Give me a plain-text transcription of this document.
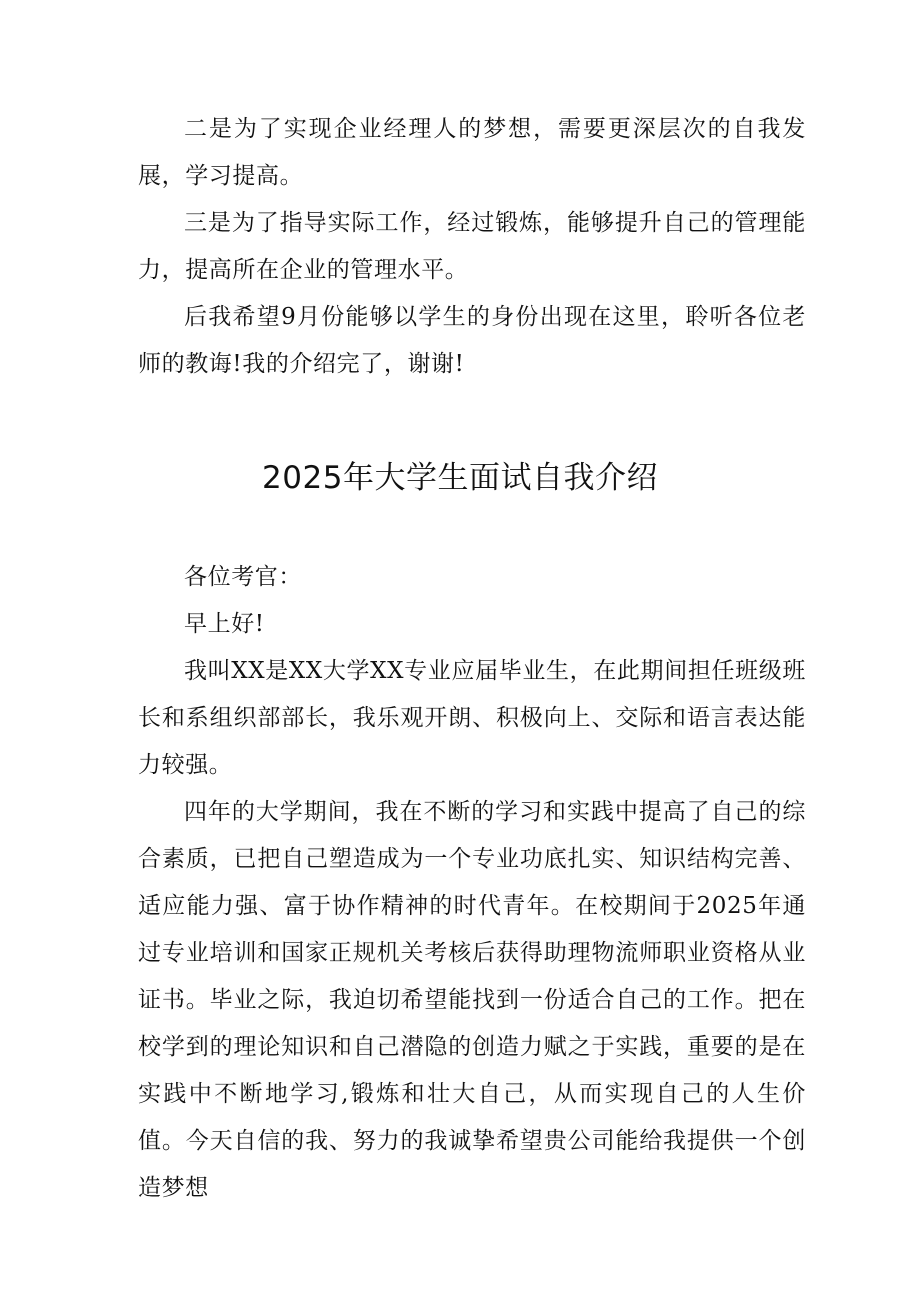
二是为了实现企业经理人的梦想，需要更深层次的自我发展，学习提高。

三是为了指导实际工作，经过锻炼，能够提升自己的管理能力，提高所在企业的管理水平。

后我希望9月份能够以学生的身份出现在这里，聆听各位老师的教诲!我的介绍完了，谢谢!

2025年大学生面试自我介绍

各位考官：

早上好!

我叫XX是XX大学XX专业应届毕业生，在此期间担任班级班长和系组织部部长，我乐观开朗、积极向上、交际和语言表达能力较强。

四年的大学期间，我在不断的学习和实践中提高了自己的综合素质，已把自己塑造成为一个专业功底扎实、知识结构完善、适应能力强、富于协作精神的时代青年。在校期间于2025年通过专业培训和国家正规机关考核后获得助理物流师职业资格从业证书。毕业之际，我迫切希望能找到一份适合自己的工作。把在校学到的理论知识和自己潜隐的创造力赋之于实践，重要的是在实践中不断地学习,锻炼和壮大自己，从而实现自己的人生价值。今天自信的我、努力的我诚挚希望贵公司能给我提供一个创造梦想
